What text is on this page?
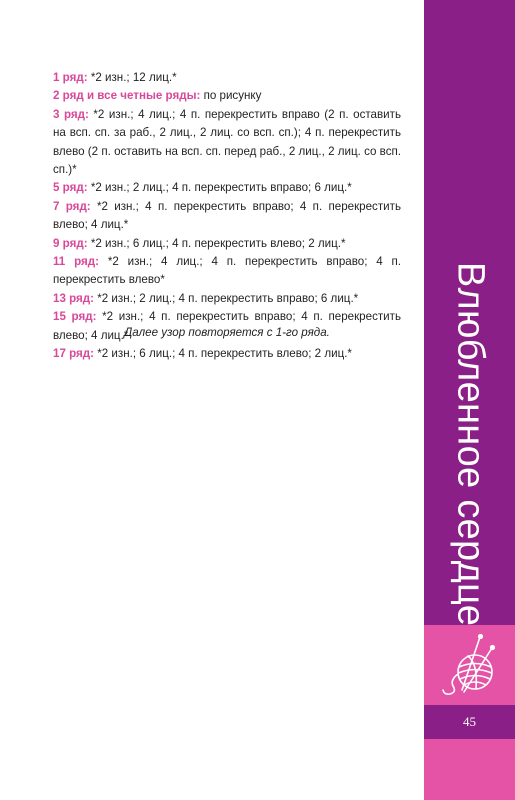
1 ряд: *2 изн.; 12 лиц.*
2 ряд и все четные ряды: по рисунку
3 ряд: *2 изн.; 4 лиц.; 4 п. перекрестить вправо (2 п. оставить на всп. сп. за раб., 2 лиц., 2 лиц. со всп. сп.); 4 п. перекрестить влево (2 п. оставить на всп. сп. перед раб., 2 лиц., 2 лиц. со всп. сп.)*
5 ряд: *2 изн.; 2 лиц.; 4 п. перекрестить вправо; 6 лиц.*
7 ряд: *2 изн.; 4 п. перекрестить вправо; 4 п. перекрестить влево; 4 лиц.*
9 ряд: *2 изн.; 6 лиц.; 4 п. перекрестить влево; 2 лиц.*
11 ряд: *2 изн.; 4 лиц.; 4 п. перекрестить вправо; 4 п. перекрестить влево*
13 ряд: *2 изн.; 2 лиц.; 4 п. перекрестить вправо; 6 лиц.*
15 ряд: *2 изн.; 4 п. перекрестить вправо; 4 п. перекрестить влево; 4 лиц.*
17 ряд: *2 изн.; 6 лиц.; 4 п. перекрестить влево; 2 лиц.*
Далее узор повторяется с 1-го ряда.	Влюбленное сердце
45
